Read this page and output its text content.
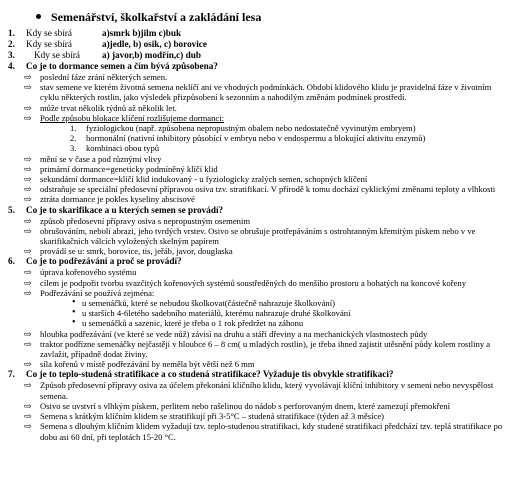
Semenářství, školkařství a zakládání lesa
1.	Kdy se sbírá	a)smrk b)jilm c)buk
2.	Kdy se sbírá	a)jedle, b) osik, c) borovice
3.	Kdy se sbírá	a) javor,b) modřín,c) dub
4.	Co je to dormance semen a čím bývá způsobena?
⇨ poslední fáze zrání některých semen.
⇨ stav semene ve kterém životná semena neklíčí ani ve vhodných podmínkách. Období klidového klidu je pravidelná fáze v životním cyklu některých rostlin, jako výsledek přizpůsobení k sezonním a nahodilým změnám podmínek prostředí.
⇨ může trvat několik týdnů až několik let.
⇨ Podle způsobu blokace klíčení rozlišujeme dormanci:
1.	fyziologickou (např. způsobena nepropustným obalem nebo nedostatečně vyvinutým embryem)
2.	hormonální (nativní inhibitory působící v embryu nebo v endospermu a blokující aktivitu enzymů)
3.	kombinaci obou typů
⇨ mění se v čase a pod různými vlivy
⇨ primární dormance=geneticky podmíněný klíčí klid
⇨ sekundární dormance=klíčí klid indukovaný - u fyziologicky zralých semen, schopných klíčení
⇨ odstraňuje se speciální předosevní přípravou osiva tzv. stratifikací. V přírodě k tomu dochází cyklickými změnami teploty a vlhkosti
⇨ ztráta dormance je pokles kyseliny abscisové
5.	Co je to skarifikace a u kterých semen se provádí?
⇨ způsob předosevní přípravy osiva s nepropustným osemenim
⇨ obrušováním, neboli abrazi, jeho tvrdých vrstev. Osivo se obrušuje protřepáváním s ostrohranným křemitým pískem nebo v ve skarifikačních válcích vyložených skelným papírem
⇨ provádí se u: smrk, borovice, tis, jeřáb, javor, douglaska
6.	Co je to podřezávání a proč se provádí?
⇨ úprava kořenového systému
⇨ cílem je podpořit tvorbu svazčitých kořenových systémů soustředěných do menšího prostoru a bohatých na koncové kořeny
⇨ Podřezávání se používá zejména:
• u semenáčků, které se nebudou školkovat(částečně nahrazuje školkování)
• u starších 4-6letého sadebního materiálů, kterému nahrazuje druhé školkování
• u semenáčků a sazenic, které je třeba o 1 rok předržet na záhonu
⇨ hloubka podřezávání (ve které se vede nůž) závisí na druhu a stáří dřeviny a na mechanických vlastnostech půdy
⇨ traktor podřízne semenáčky nejčastěji v hloubce 6 – 8 cm( u mladých rostlin), je třeba ihned zajistit utěsnění půdy kolem rostliny a zavlažit, případně dodat živiny.
⇨ síla kořenů v místě podřezávání by neměla být větší než 6 mm
7.	Co je to teplo-studená stratifikace a co studená stratifikace? Vyžaduje tis obvykle stratifikaci?
⇨ Způsob předosevní přípravy osiva za účelem překonání klíčního klidu, který vyvolávají klíční inhibitory v semeni nebo nevyspělost semena.
⇨ Osivo se uvstvrí s vlhkým pískem, perlitem nebo rašelinou do nádob s perforovaným dnem, které zamezují přemokření
⇨ Semena s krátkým klíčním klidem se stratifikují při 3-5°C – studená stratifikace (týden až 3 měsíce)
⇨ Semena s dlouhým klíčním klidem vyžadují tzv. teplo-studenou stratifikaci, kdy studené stratifikaci předchází tzv. teplá stratifikace po dobu asi 60 dní, při teplotách 15-20 °C.
